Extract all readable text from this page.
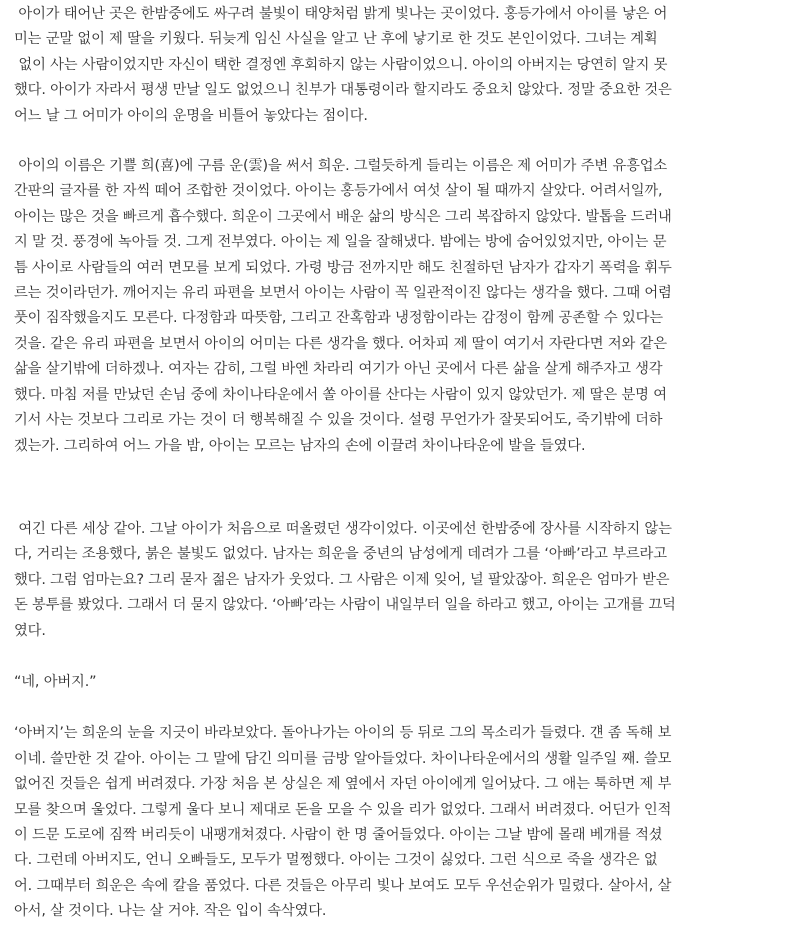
아이가 태어난 곳은 한밤중에도 싸구려 불빛이 태양처럼 밝게 빛나는 곳이었다. 홍등가에서 아이를 낳은 어
미는 군말 없이 제 딸을 키웠다. 뒤늦게 임신 사실을 알고 난 후에 낳기로 한 것도 본인이었다. 그녀는 계획
없이 사는 사람이었지만 자신이 택한 결정엔 후회하지 않는 사람이었으니. 아이의 아버지는 당연히 알지 못
했다. 아이가 자라서 평생 만날 일도 없었으니 친부가 대통령이라 할지라도 중요치 않았다. 정말 중요한 것은
어느 날 그 어미가 아이의 운명을 비틀어 놓았다는 점이다.

아이의 이름은 기쁠 희(喜)에 구름 운(雲)을 써서 희운. 그럴듯하게 들리는 이름은 제 어미가 주변 유흥업소
간판의 글자를 한 자씩 떼어 조합한 것이었다. 아이는 홍등가에서 여섯 살이 될 때까지 살았다. 어려서일까,
아이는 많은 것을 빠르게 흡수했다. 희운이 그곳에서 배운 삶의 방식은 그리 복잡하지 않았다. 발톱을 드러내
지 말 것. 풍경에 녹아들 것. 그게 전부였다. 아이는 제 일을 잘해냈다. 밤에는 방에 숨어있었지만, 아이는 문
틈 사이로 사람들의 여러 면모를 보게 되었다. 가령 방금 전까지만 해도 친절하던 남자가 갑자기 폭력을 휘두
르는 것이라던가. 깨어지는 유리 파편을 보면서 아이는 사람이 꼭 일관적이진 않다는 생각을 했다. 그때 어렴
풋이 짐작했을지도 모른다. 다정함과 따뜻함, 그리고 잔혹함과 냉정함이라는 감정이 함께 공존할 수 있다는
것을. 같은 유리 파편을 보면서 아이의 어미는 다른 생각을 했다. 어차피 제 딸이 여기서 자란다면 저와 같은
삶을 살기밖에 더하겠나. 여자는 감히, 그럴 바엔 차라리 여기가 아닌 곳에서 다른 삶을 살게 해주자고 생각
했다. 마침 저를 만났던 손님 중에 차이나타운에서 쏠 아이를 산다는 사람이 있지 않았던가. 제 딸은 분명 여
기서 사는 것보다 그리로 가는 것이 더 행복해질 수 있을 것이다. 설령 무언가가 잘못되어도, 죽기밖에 더하
겠는가. 그리하여 어느 가을 밤, 아이는 모르는 남자의 손에 이끌려 차이나타운에 발을 들였다.

여긴 다른 세상 같아. 그날 아이가 처음으로 떠올렸던 생각이었다. 이곳에선 한밤중에 장사를 시작하지 않는
다, 거리는 조용했다, 붉은 불빛도 없었다. 남자는 희운을 중년의 남성에게 데려가 그를 ‘아빠’라고 부르라고
했다. 그럼 엄마는요? 그리 묻자 젊은 남자가 웃었다. 그 사람은 이제 잊어, 널 팔았잖아. 희운은 엄마가 받은
돈 봉투를 봤었다. 그래서 더 묻지 않았다. ‘아빠’라는 사람이 내일부터 일을 하라고 했고, 아이는 고개를 끄덕
였다.

“네, 아버지.”

‘아버지’는 희운의 눈을 지긋이 바라보았다. 돌아나가는 아이의 등 뒤로 그의 목소리가 들렸다. 걘 좀 독해 보
이네. 쓸만한 것 같아. 아이는 그 말에 담긴 의미를 금방 알아들었다. 차이나타운에서의 생활 일주일 째. 쓸모
없어진 것들은 쉽게 버려졌다. 가장 처음 본 상실은 제 옆에서 자던 아이에게 일어났다. 그 애는 툭하면 제 부
모를 찾으며 울었다. 그렇게 울다 보니 제대로 돈을 모을 수 있을 리가 없었다. 그래서 버려졌다. 어딘가 인적
이 드문 도로에 짐짝 버리듯이 내팽개쳐졌다. 사람이 한 명 줄어들었다. 아이는 그날 밤에 몰래 베개를 적셨
다. 그런데 아버지도, 언니 오빠들도, 모두가 멀쩡했다. 아이는 그것이 싫었다. 그런 식으로 죽을 생각은 없
어. 그때부터 희운은 속에 칼을 품었다. 다른 것들은 아무리 빛나 보여도 모두 우선순위가 밀렸다. 살아서, 살
아서, 살 것이다. 나는 살 거야. 작은 입이 속삭였다.
